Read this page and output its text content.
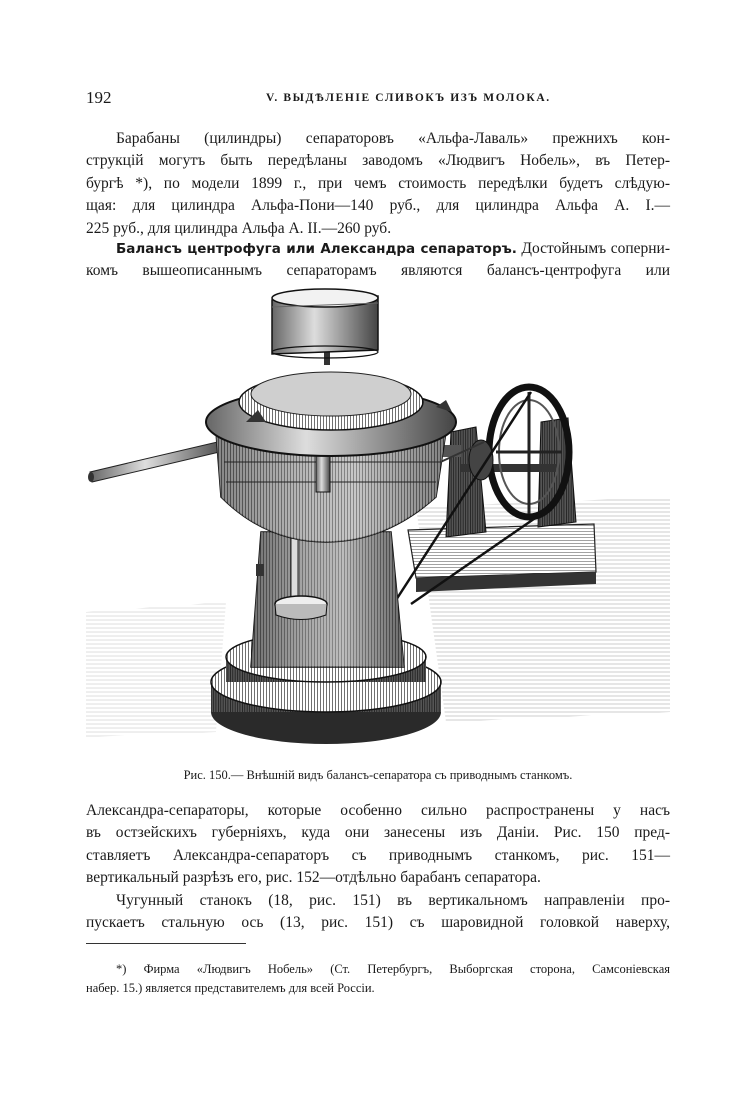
192	V. ВЫДѢЛЕНІЕ СЛИВОКЪ ИЗЪ МОЛОКА.

Барабаны (цилиндры) сепараторовъ «Альфа-Лаваль» прежнихъ кон-
струкцій могутъ быть передѣланы заводомъ «Людвигъ Нобель», въ Петер-
бургѣ *), по модели 1899 г., при чемъ стоимость передѣлки будетъ слѣдую-
щая: для цилиндра Альфа-Пони—140 руб., для цилиндра Альфа А. I.—
225 руб., для цилиндра Альфа А. II.—260 руб.

Балансъ центрофуга или Александра сепараторъ. Достойнымъ соперни-
комъ вышеописаннымъ сепараторамъ являются балансъ-центрофуга или

Рис. 150.— Внѣшній видъ балансъ-сепаратора съ приводнымъ станкомъ.

Александра-сепараторы, которые особенно сильно распространены у насъ
въ остзейскихъ губерніяхъ, куда они занесены изъ Даніи. Рис. 150 пред-
ставляетъ Александра-сепараторъ съ приводнымъ станкомъ, рис. 151—
вертикальный разрѣзъ его, рис. 152—отдѣльно барабанъ сепаратора.

Чугунный станокъ (18, рис. 151) въ вертикальномъ направленіи про-
пускаетъ стальную ось (13, рис. 151) съ шаровидной головкой наверху,

*) Фирма «Людвигъ Нобель» (Ст. Петербургъ, Выборгская сторона, Самсоніевская
набер. 15.) является представителемъ для всей Россіи.
